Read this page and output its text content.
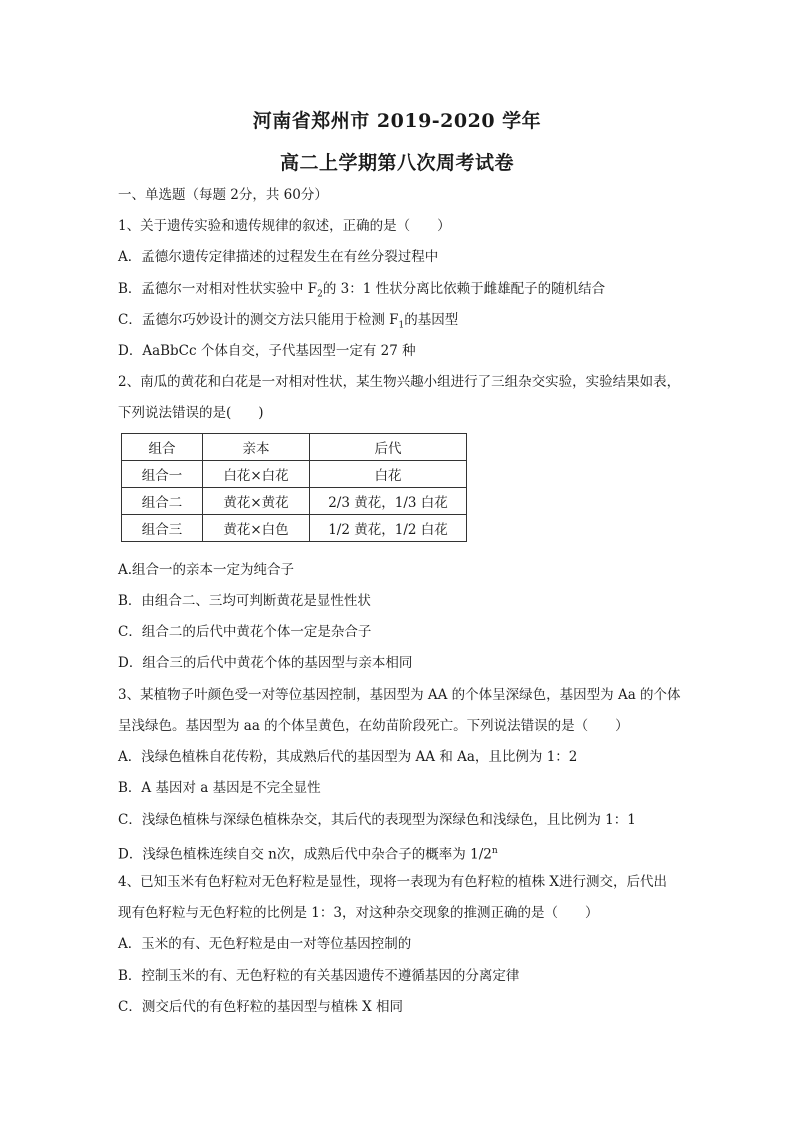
河南省郑州市 2019-2020 学年
高二上学期第八次周考试卷
一、单选题（每题 2分，共 60分）
1、关于遗传实验和遗传规律的叙述，正确的是（　　）
A．孟德尔遗传定律描述的过程发生在有丝分裂过程中
B．孟德尔一对相对性状实验中 $F_2$的 3：1 性状分离比依赖于雌雄配子的随机结合
C．孟德尔巧妙设计的测交方法只能用于检测 $F_1$的基因型
D．AaBbCc 个体自交，子代基因型一定有 27 种
2、南瓜的黄花和白花是一对相对性状，某生物兴趣小组进行了三组杂交实验，实验结果如表，
下列说法错误的是(　　)
组合	亲本	后代
组合一	白花×白花	白花
组合二	黄花×黄花	2/3 黄花，1/3 白花
组合三	黄花×白色	1/2 黄花，1/2 白花
A.组合一的亲本一定为纯合子
B．由组合二、三均可判断黄花是显性性状
C．组合二的后代中黄花个体一定是杂合子
D．组合三的后代中黄花个体的基因型与亲本相同
3、某植物子叶颜色受一对等位基因控制，基因型为 AA 的个体呈深绿色，基因型为 Aa 的个体
呈浅绿色。基因型为 aa 的个体呈黄色，在幼苗阶段死亡。下列说法错误的是（　　）
A．浅绿色植株自花传粉，其成熟后代的基因型为 AA 和 Aa，且比例为 1：2
B．A 基因对 a 基因是不完全显性
C．浅绿色植株与深绿色植株杂交，其后代的表现型为深绿色和浅绿色，且比例为 1：1
D．浅绿色植株连续自交 n次，成熟后代中杂合子的概率为 1/2$^n$
4、已知玉米有色籽粒对无色籽粒是显性，现将一表现为有色籽粒的植株 X进行测交，后代出
现有色籽粒与无色籽粒的比例是 1：3，对这种杂交现象的推测正确的是（　　）
A．玉米的有、无色籽粒是由一对等位基因控制的
B．控制玉米的有、无色籽粒的有关基因遗传不遵循基因的分离定律
C．测交后代的有色籽粒的基因型与植株 X 相同
